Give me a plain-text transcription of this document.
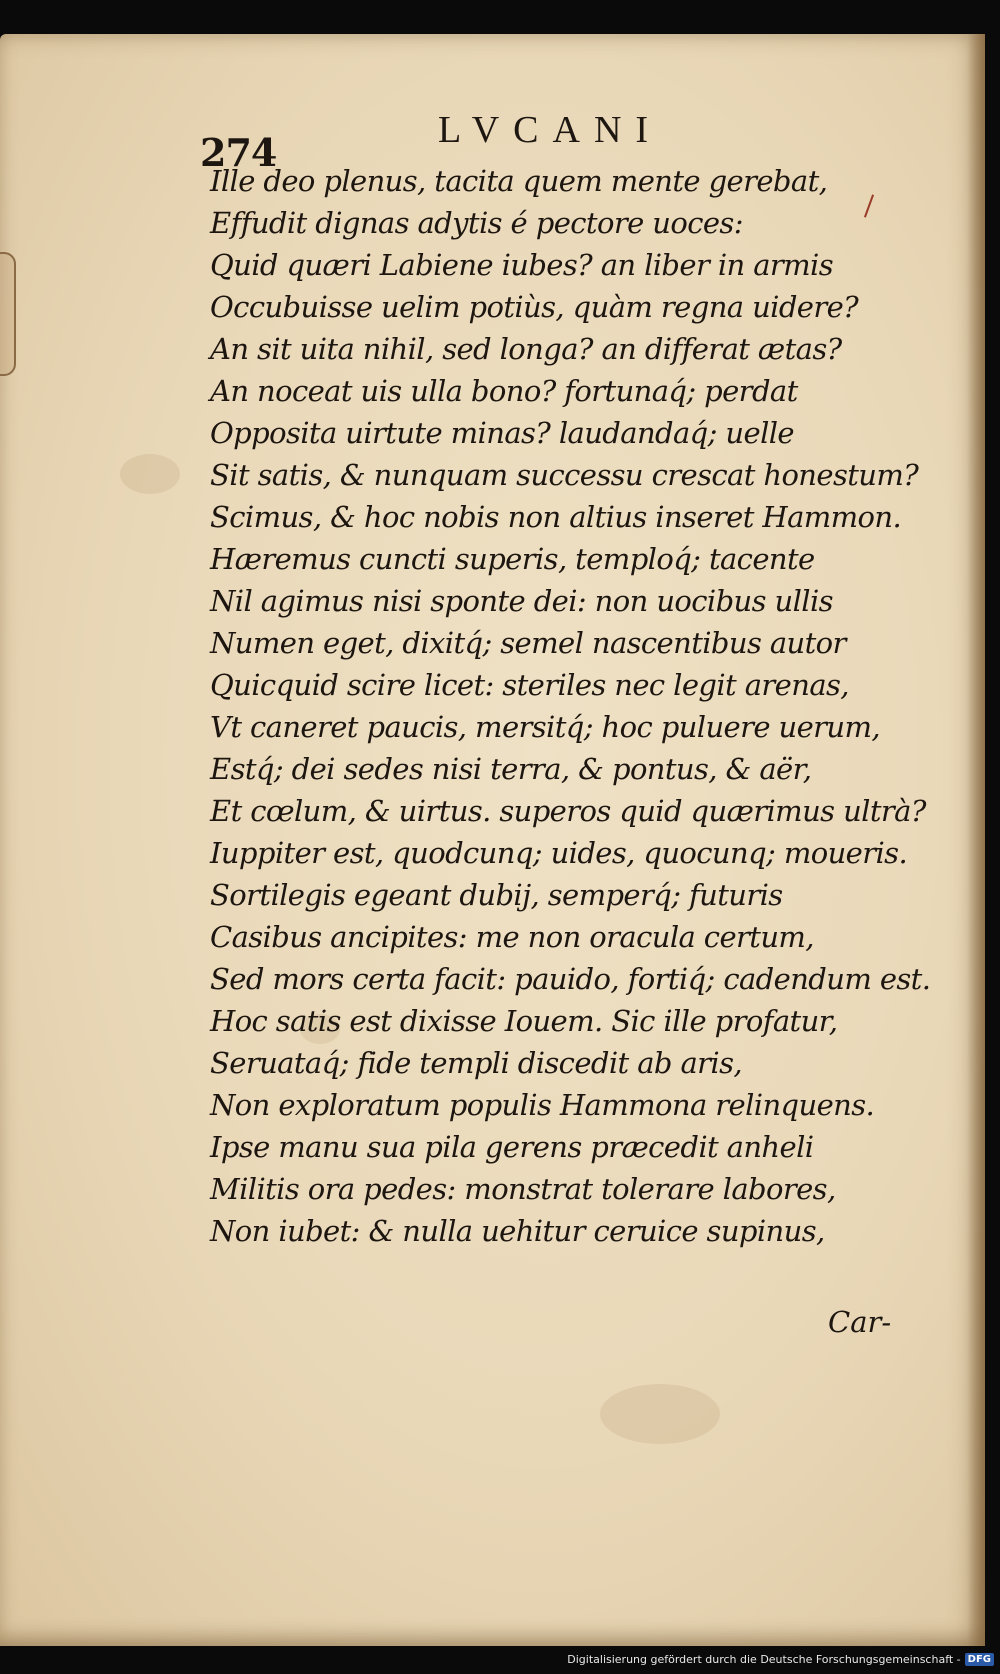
274	LVCANI
Ille deo plenus, tacita quem mente gerebat,
Effudit dignas adytis é pectore uoces:
Quid quæri Labiene iubes? an liber in armis
Occubuisse uelim potiùs, quàm regna uidere?
An sit uita nihil, sed longa? an differat ætas?
An noceat uis ulla bono? fortunaq́; perdat
Opposita uirtute minas? laudandaq́; uelle
Sit satis, & nunquam successu crescat honestum?
Scimus, & hoc nobis non altius inseret Hammon.
Hæremus cuncti superis, temploq́; tacente
Nil agimus nisi sponte dei: non uocibus ullis
Numen eget, dixitq́; semel nascentibus autor
Quicquid scire licet: steriles nec legit arenas,
Vt caneret paucis, mersitq́; hoc puluere uerum,
Estq́; dei sedes nisi terra, & pontus, & aër,
Et cœlum, & uirtus. superos quid quærimus ultrà?
Iuppiter est, quodcunq; uides, quocunq; moueris.
Sortilegis egeant dubij, semperq́; futuris
Casibus ancipites: me non oracula certum,
Sed mors certa facit: pauido, fortiq́; cadendum est.
Hoc satis est dixisse Iouem. Sic ille profatur,
Seruataq́; fide templi discedit ab aris,
Non exploratum populis Hammona relinquens.
Ipse manu sua pila gerens præcedit anheli
Militis ora pedes: monstrat tolerare labores,
Non iubet: & nulla uehitur ceruice supinus,
Car-
Digitalisierung gefördert durch die Deutsche Forschungsgemeinschaft - DFG
